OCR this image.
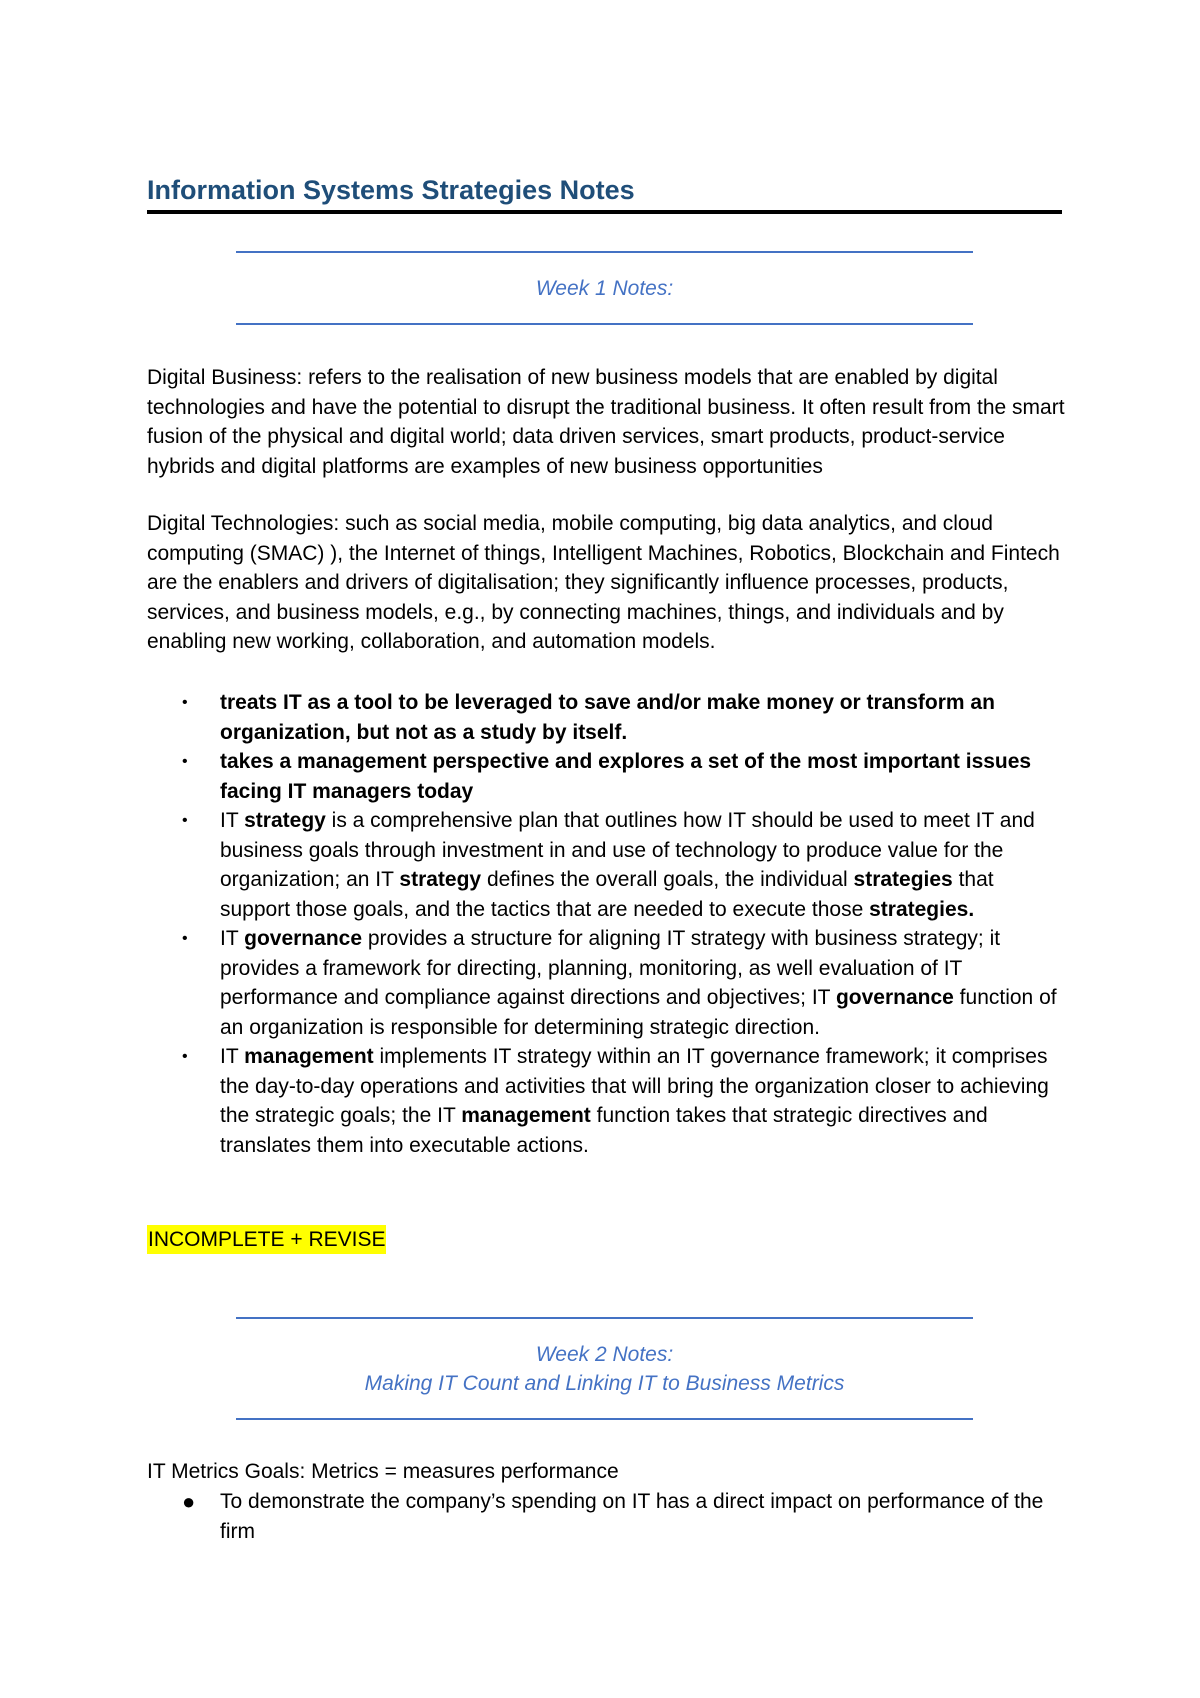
Information Systems Strategies Notes
Week 1 Notes:

Digital Business: refers to the realisation of new business models that are enabled by digital technologies and have the potential to disrupt the traditional business. It often result from the smart fusion of the physical and digital world; data driven services, smart products, product-service hybrids and digital platforms are examples of new business opportunities

Digital Technologies: such as social media, mobile computing, big data analytics, and cloud computing (SMAC) ), the Internet of things, Intelligent Machines, Robotics, Blockchain and Fintech are the enablers and drivers of digitalisation; they significantly influence processes, products, services, and business models, e.g., by connecting machines, things, and individuals and by enabling new working, collaboration, and automation models.

• treats IT as a tool to be leveraged to save and/or make money or transform an organization, but not as a study by itself.
• takes a management perspective and explores a set of the most important issues facing IT managers today
• IT strategy is a comprehensive plan that outlines how IT should be used to meet IT and business goals through investment in and use of technology to produce value for the organization; an IT strategy defines the overall goals, the individual strategies that support those goals, and the tactics that are needed to execute those strategies.
• IT governance provides a structure for aligning IT strategy with business strategy; it provides a framework for directing, planning, monitoring, as well evaluation of IT performance and compliance against directions and objectives; IT governance function of an organization is responsible for determining strategic direction.
• IT management implements IT strategy within an IT governance framework; it comprises the day-to-day operations and activities that will bring the organization closer to achieving the strategic goals; the IT management function takes that strategic directives and translates them into executable actions.
INCOMPLETE + REVISE
Week 2 Notes:
Making IT Count and Linking IT to Business Metrics

IT Metrics Goals: Metrics = measures performance

● To demonstrate the company’s spending on IT has a direct impact on performance of the firm
